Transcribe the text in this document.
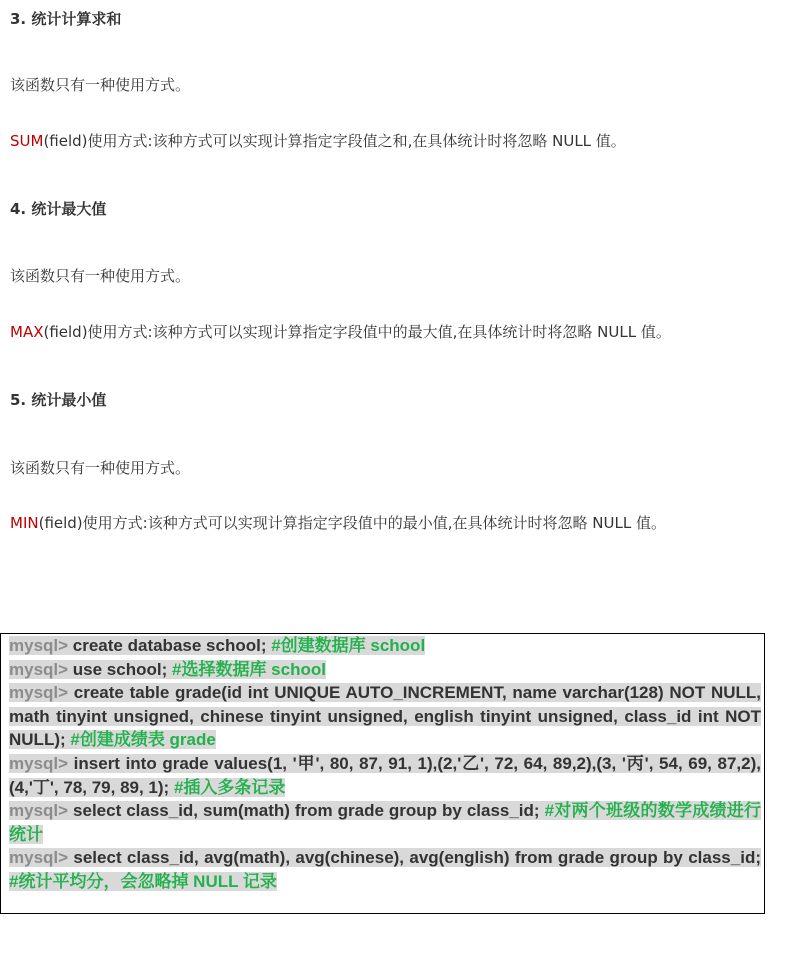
3. 统计计算求和

该函数只有一种使用方式。

SUM(field)使用方式:该种方式可以实现计算指定字段值之和,在具体统计时将忽略 NULL 值。

4. 统计最大值

该函数只有一种使用方式。

MAX(field)使用方式:该种方式可以实现计算指定字段值中的最大值,在具体统计时将忽略 NULL 值。

5. 统计最小值

该函数只有一种使用方式。

MIN(field)使用方式:该种方式可以实现计算指定字段值中的最小值,在具体统计时将忽略 NULL 值。

mysql> create database school; #创建数据库 school

mysql> use school; #选择数据库 school

mysql> create table grade(id int UNIQUE AUTO_INCREMENT, name varchar(128) NOT NULL, math tinyint unsigned, chinese tinyint unsigned, english tinyint unsigned, class_id int NOT NULL); #创建成绩表 grade

mysql> insert into grade values(1, '甲', 80, 87, 91, 1),(2,'乙', 72, 64, 89,2),(3, '丙', 54, 69, 87,2),(4,'丁', 78, 79, 89, 1); #插入多条记录

mysql> select class_id, sum(math) from grade group by class_id; #对两个班级的数学成绩进行统计

mysql> select class_id, avg(math), avg(chinese), avg(english) from grade group by class_id; #统计平均分，会忽略掉 NULL 记录
